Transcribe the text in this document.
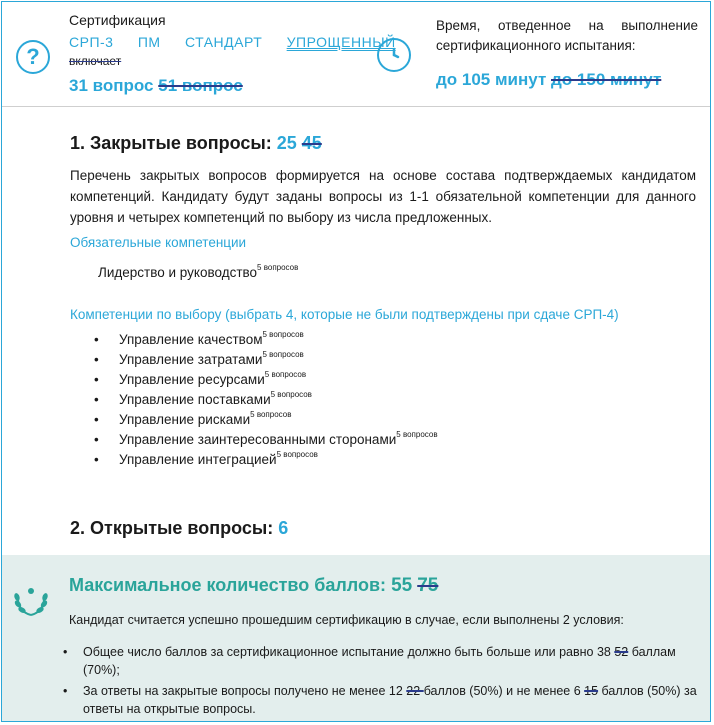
?
Сертификация
СРП-3 ПМ СТАНДАРТ УПРОЩЕННЫЙ
включает
31 вопрос 51 вопрос
Время, отведенное на выполнение сертификационного испытания:
до 105 минут до 150 минут
1. Закрытые вопросы: 25 45
Перечень закрытых вопросов формируется на основе состава подтверждаемых кандидатом компетенций. Кандидату будут заданы вопросы из 1-1 обязательной компетенции для данного уровня и четырех компетенций по выбору из числа предложенных.
Обязательные компетенции
Лидерство и руководство$^{5 вопросов}$
Компетенции по выбору (выбрать 4, которые не были подтверждены при сдаче СРП-4)
• Управление качеством$^{5 вопросов}$
• Управление затратами$^{5 вопросов}$
• Управление ресурсами$^{5 вопросов}$
• Управление поставками$^{5 вопросов}$
• Управление рисками$^{5 вопросов}$
• Управление заинтересованными сторонами$^{5 вопросов}$
• Управление интеграцией$^{5 вопросов}$
2. Открытые вопросы: 6
Максимальное количество баллов: 55 75
Кандидат считается успешно прошедшим сертификацию в случае, если выполнены 2 условия:
• Общее число баллов за сертификационное испытание должно быть больше или равно 38 52 баллам (70%);
• За ответы на закрытые вопросы получено не менее 12 22 баллов (50%) и не менее 6 15 баллов (50%) за ответы на открытые вопросы.
